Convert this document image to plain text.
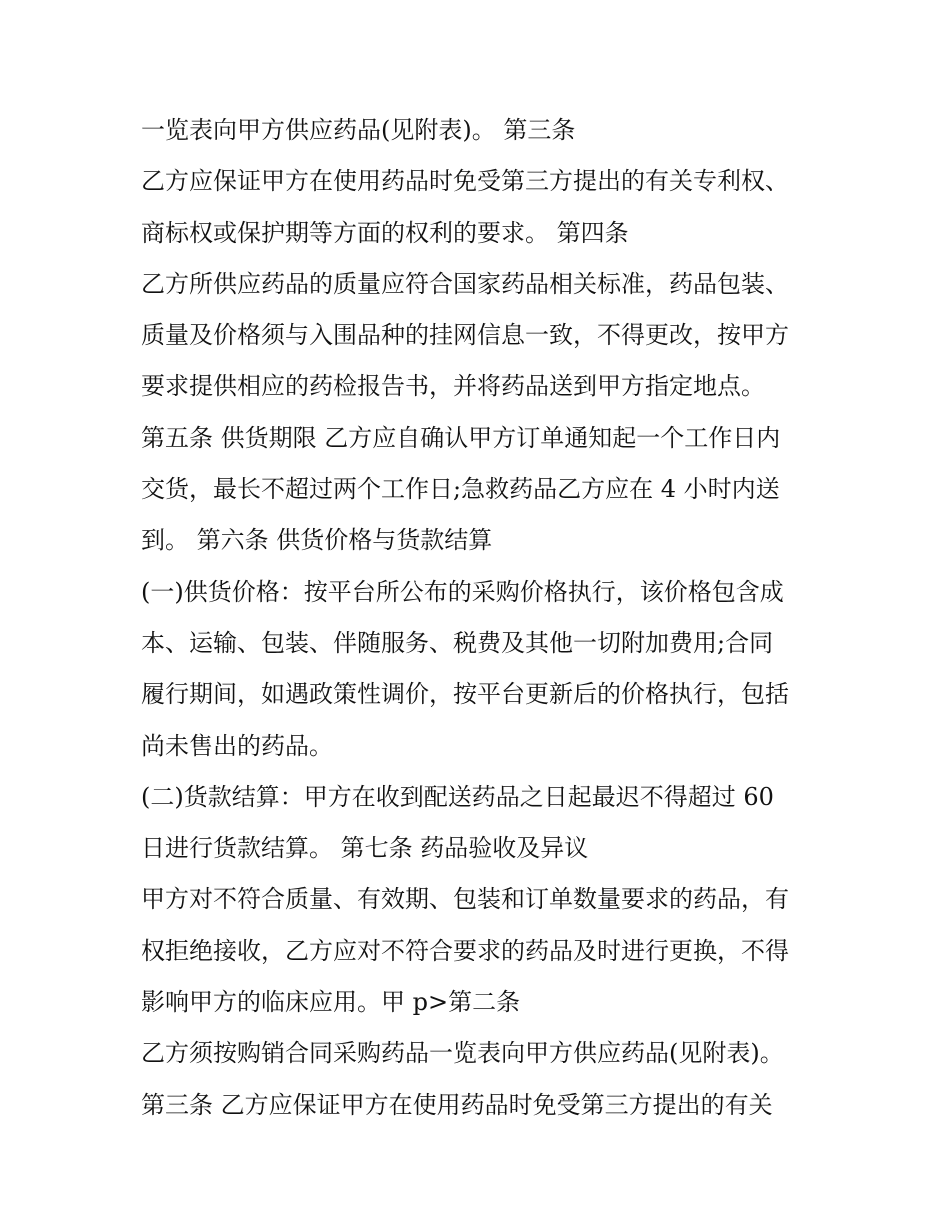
一览表向甲方供应药品(见附表)。 第三条
乙方应保证甲方在使用药品时免受第三方提出的有关专利权、
商标权或保护期等方面的权利的要求。 第四条
乙方所供应药品的质量应符合国家药品相关标准，药品包装、
质量及价格须与入围品种的挂网信息一致，不得更改，按甲方
要求提供相应的药检报告书，并将药品送到甲方指定地点。
第五条 供货期限 乙方应自确认甲方订单通知起一个工作日内
交货，最长不超过两个工作日;急救药品乙方应在 4 小时内送
到。 第六条 供货价格与货款结算
(一)供货价格：按平台所公布的采购价格执行，该价格包含成
本、运输、包装、伴随服务、税费及其他一切附加费用;合同
履行期间，如遇政策性调价，按平台更新后的价格执行，包括
尚未售出的药品。
(二)货款结算：甲方在收到配送药品之日起最迟不得超过 60
日进行货款结算。 第七条 药品验收及异议
甲方对不符合质量、有效期、包装和订单数量要求的药品，有
权拒绝接收，乙方应对不符合要求的药品及时进行更换，不得
影响甲方的临床应用。甲 p>第二条
乙方须按购销合同采购药品一览表向甲方供应药品(见附表)。
第三条 乙方应保证甲方在使用药品时免受第三方提出的有关
